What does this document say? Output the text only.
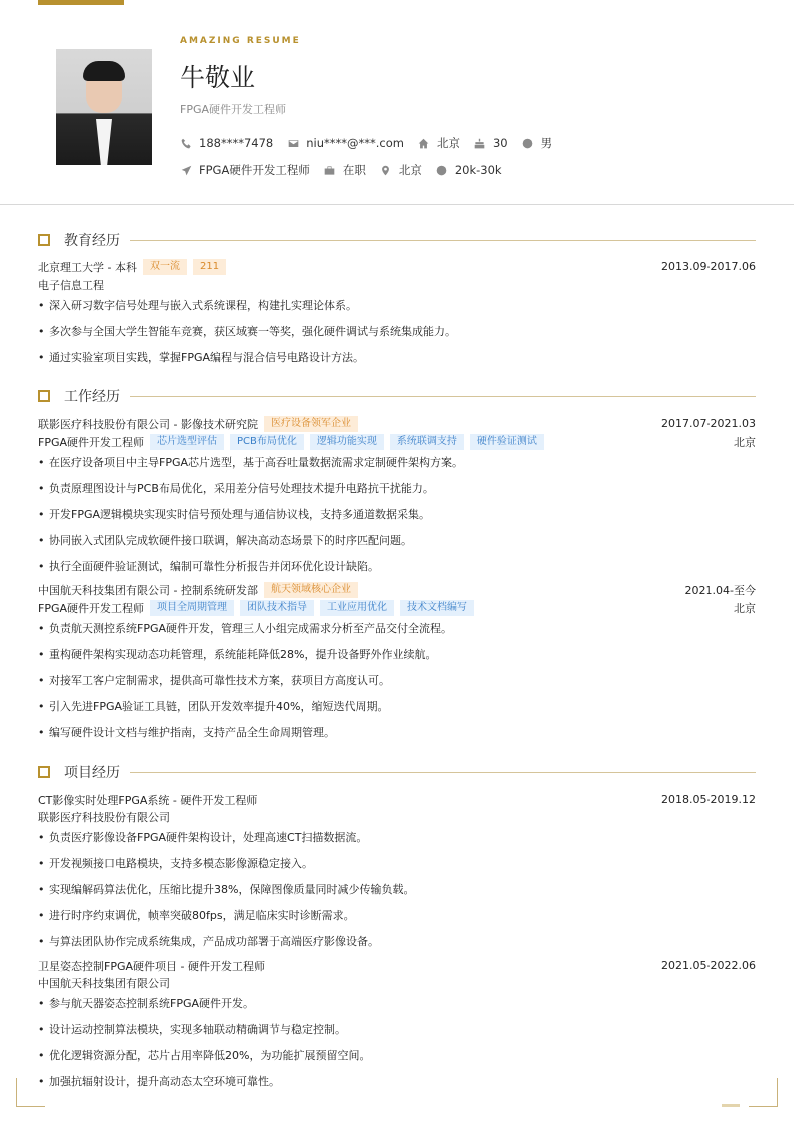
AMAZING RESUME
牛敬业
FPGA硬件开发工程师
188****7478	niu****@***.com	北京	30	男
FPGA硬件开发工程师	在职	北京	20k-30k
教育经历
北京理工大学 - 本科	双一流	211	2013.09-2017.06
电子信息工程
• 深入研习数字信号处理与嵌入式系统课程，构建扎实理论体系。
• 多次参与全国大学生智能车竞赛，获区域赛一等奖，强化硬件调试与系统集成能力。
• 通过实验室项目实践，掌握FPGA编程与混合信号电路设计方法。
工作经历
联影医疗科技股份有限公司 - 影像技术研究院	医疗设备领军企业	2017.07-2021.03
FPGA硬件开发工程师	芯片选型评估	PCB布局优化	逻辑功能实现	系统联调支持	硬件验证测试	北京
• 在医疗设备项目中主导FPGA芯片选型，基于高吞吐量数据流需求定制硬件架构方案。
• 负责原理图设计与PCB布局优化，采用差分信号处理技术提升电路抗干扰能力。
• 开发FPGA逻辑模块实现实时信号预处理与通信协议栈，支持多通道数据采集。
• 协同嵌入式团队完成软硬件接口联调，解决高动态场景下的时序匹配问题。
• 执行全面硬件验证测试，编制可靠性分析报告并闭环优化设计缺陷。
中国航天科技集团有限公司 - 控制系统研发部	航天领域核心企业	2021.04-至今
FPGA硬件开发工程师	项目全周期管理	团队技术指导	工业应用优化	技术文档编写	北京
• 负责航天测控系统FPGA硬件开发，管理三人小组完成需求分析至产品交付全流程。
• 重构硬件架构实现动态功耗管理，系统能耗降低28%，提升设备野外作业续航。
• 对接军工客户定制需求，提供高可靠性技术方案，获项目方高度认可。
• 引入先进FPGA验证工具链，团队开发效率提升40%，缩短迭代周期。
• 编写硬件设计文档与维护指南，支持产品全生命周期管理。
项目经历
CT影像实时处理FPGA系统 - 硬件开发工程师	2018.05-2019.12
联影医疗科技股份有限公司
• 负责医疗影像设备FPGA硬件架构设计，处理高速CT扫描数据流。
• 开发视频接口电路模块，支持多模态影像源稳定接入。
• 实现编解码算法优化，压缩比提升38%，保障图像质量同时减少传输负载。
• 进行时序约束调优，帧率突破80fps，满足临床实时诊断需求。
• 与算法团队协作完成系统集成，产品成功部署于高端医疗影像设备。
卫星姿态控制FPGA硬件项目 - 硬件开发工程师	2021.05-2022.06
中国航天科技集团有限公司
• 参与航天器姿态控制系统FPGA硬件开发。
• 设计运动控制算法模块，实现多轴联动精确调节与稳定控制。
• 优化逻辑资源分配，芯片占用率降低20%，为功能扩展预留空间。
• 加强抗辐射设计，提升高动态太空环境可靠性。
